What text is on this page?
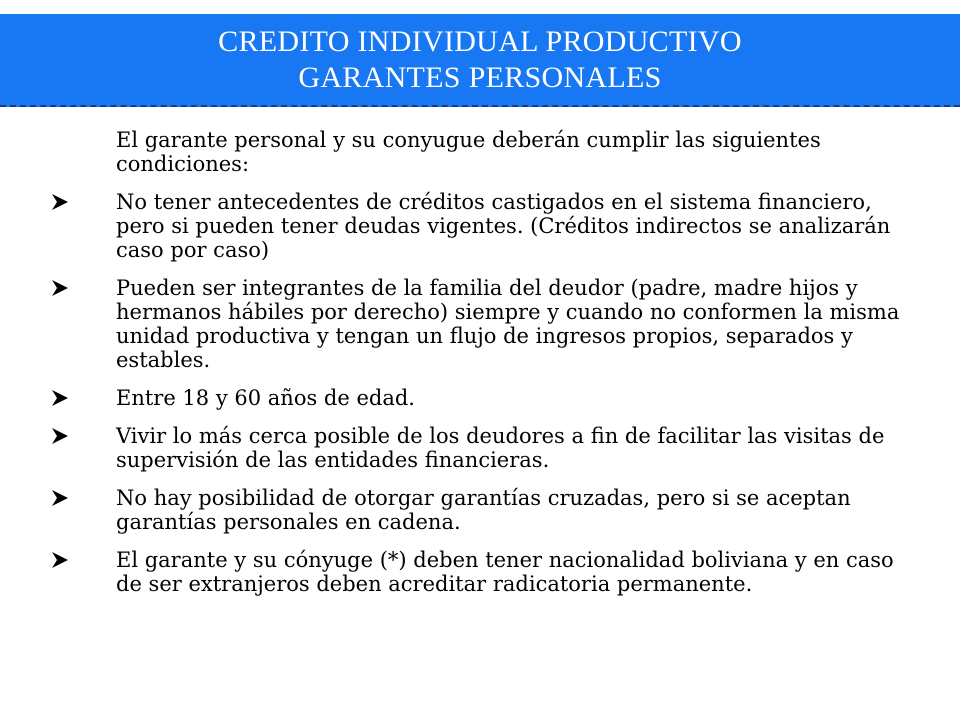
CREDITO INDIVIDUAL PRODUCTIVO
GARANTES PERSONALES
El garante personal y su conyugue deberán cumplir las siguientes condiciones:
No tener antecedentes de créditos castigados en el sistema financiero, pero si pueden tener deudas vigentes. (Créditos indirectos se analizarán caso por caso)
Pueden ser integrantes de la familia del deudor (padre, madre hijos y hermanos hábiles por derecho) siempre y cuando no conformen la misma unidad productiva y tengan un flujo de ingresos propios, separados y estables.
Entre 18 y 60 años de edad.
Vivir lo más cerca posible de los deudores a fin de facilitar las visitas de supervisión de las entidades financieras.
No hay posibilidad de otorgar garantías cruzadas, pero si se aceptan garantías personales en cadena.
El garante y su cónyuge (*) deben tener nacionalidad boliviana y en caso de ser extranjeros deben acreditar radicatoria permanente.
